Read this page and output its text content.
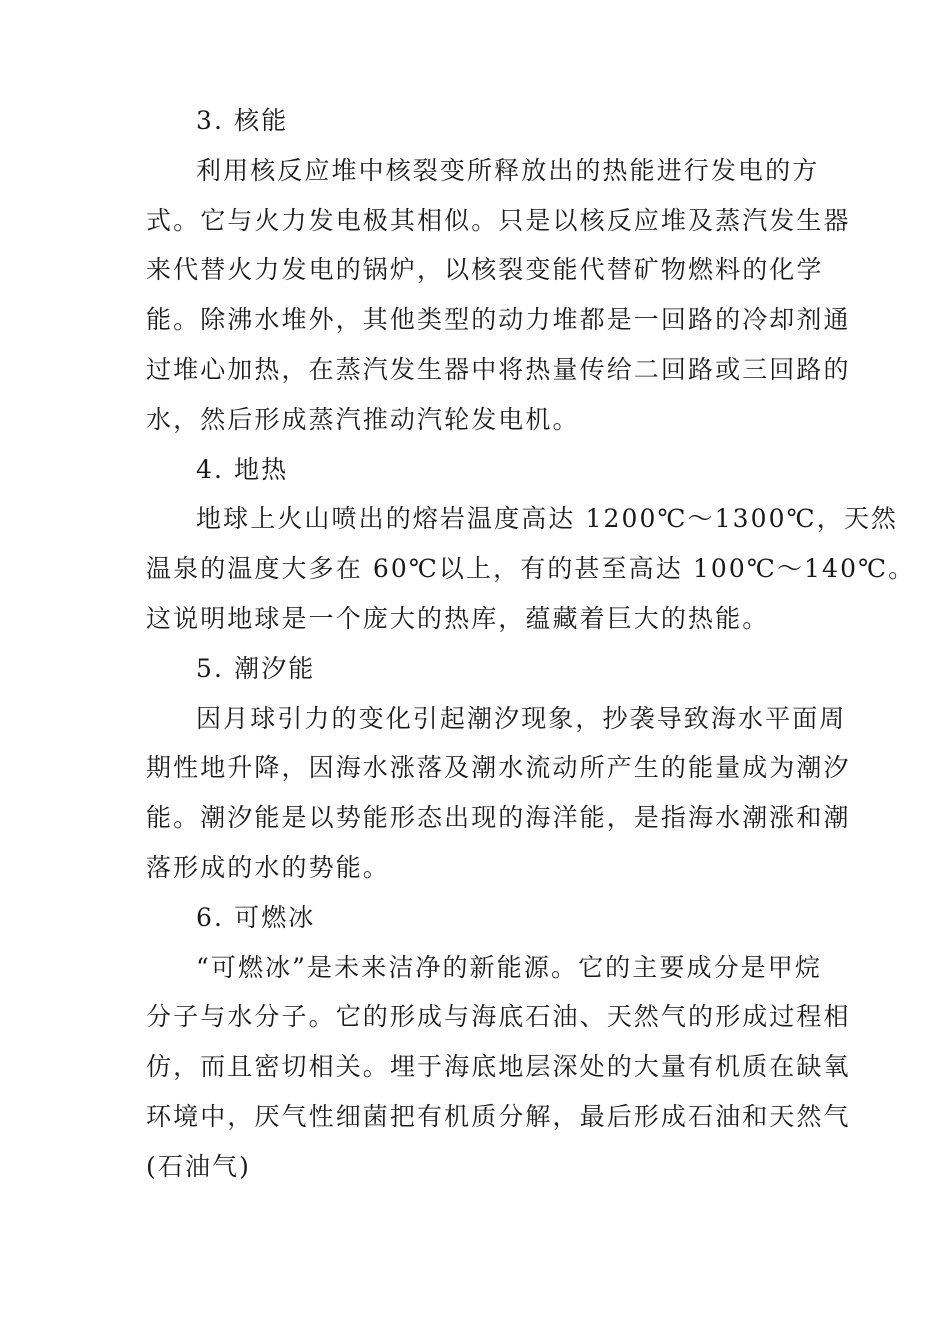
3. 核能

利用核反应堆中核裂变所释放出的热能进行发电的方
式。它与火力发电极其相似。只是以核反应堆及蒸汽发生器
来代替火力发电的锅炉，以核裂变能代替矿物燃料的化学
能。除沸水堆外，其他类型的动力堆都是一回路的冷却剂通
过堆心加热，在蒸汽发生器中将热量传给二回路或三回路的
水，然后形成蒸汽推动汽轮发电机。

4. 地热

地球上火山喷出的熔岩温度高达 1200℃～1300℃，天然
温泉的温度大多在 60℃以上，有的甚至高达 100℃～140℃。
这说明地球是一个庞大的热库，蕴藏着巨大的热能。

5. 潮汐能

因月球引力的变化引起潮汐现象，抄袭导致海水平面周
期性地升降，因海水涨落及潮水流动所产生的能量成为潮汐
能。潮汐能是以势能形态出现的海洋能，是指海水潮涨和潮
落形成的水的势能。

6. 可燃冰

“可燃冰”是未来洁净的新能源。它的主要成分是甲烷
分子与水分子。它的形成与海底石油、天然气的形成过程相
仿，而且密切相关。埋于海底地层深处的大量有机质在缺氧
环境中，厌气性细菌把有机质分解，最后形成石油和天然气
(石油气)
